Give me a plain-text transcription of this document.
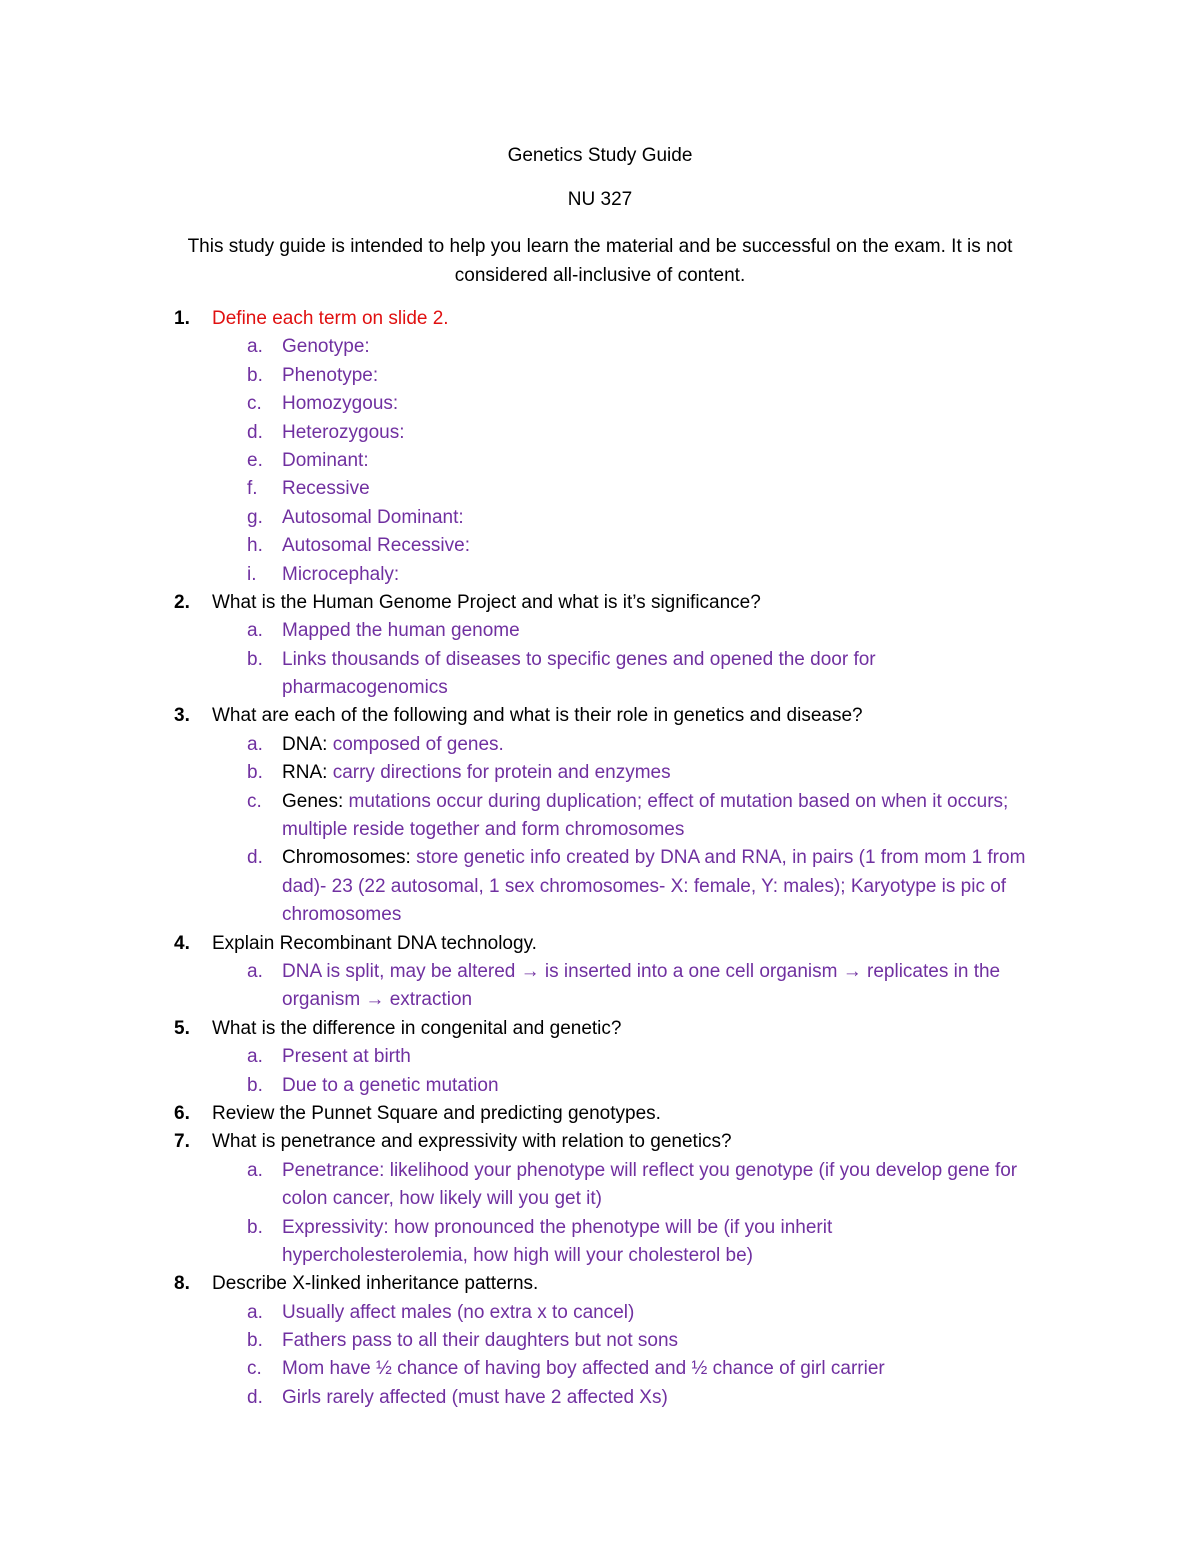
Genetics Study Guide
NU 327
This study guide is intended to help you learn the material and be successful on the exam. It is not considered all-inclusive of content.
1. Define each term on slide 2.
a. Genotype:
b. Phenotype:
c. Homozygous:
d. Heterozygous:
e. Dominant:
f. Recessive
g. Autosomal Dominant:
h. Autosomal Recessive:
i. Microcephaly:
2. What is the Human Genome Project and what is it’s significance?
a. Mapped the human genome
b. Links thousands of diseases to specific genes and opened the door for
pharmacogenomics
3. What are each of the following and what is their role in genetics and disease?
a. DNA: composed of genes.
b. RNA: carry directions for protein and enzymes
c. Genes: mutations occur during duplication; effect of mutation based on when it occurs;
multiple reside together and form chromosomes
d. Chromosomes: store genetic info created by DNA and RNA, in pairs (1 from mom 1 from
dad)- 23 (22 autosomal, 1 sex chromosomes- X: female, Y: males); Karyotype is pic of
chromosomes
4. Explain Recombinant DNA technology.
a. DNA is split, may be altered → is inserted into a one cell organism → replicates in the
organism → extraction
5. What is the difference in congenital and genetic?
a. Present at birth
b. Due to a genetic mutation
6. Review the Punnet Square and predicting genotypes.
7. What is penetrance and expressivity with relation to genetics?
a. Penetrance: likelihood your phenotype will reflect you genotype (if you develop gene for
colon cancer, how likely will you get it)
b. Expressivity: how pronounced the phenotype will be (if you inherit
hypercholesterolemia, how high will your cholesterol be)
8. Describe X-linked inheritance patterns.
a. Usually affect males (no extra x to cancel)
b. Fathers pass to all their daughters but not sons
c. Mom have ½ chance of having boy affected and ½ chance of girl carrier
d. Girls rarely affected (must have 2 affected Xs)
